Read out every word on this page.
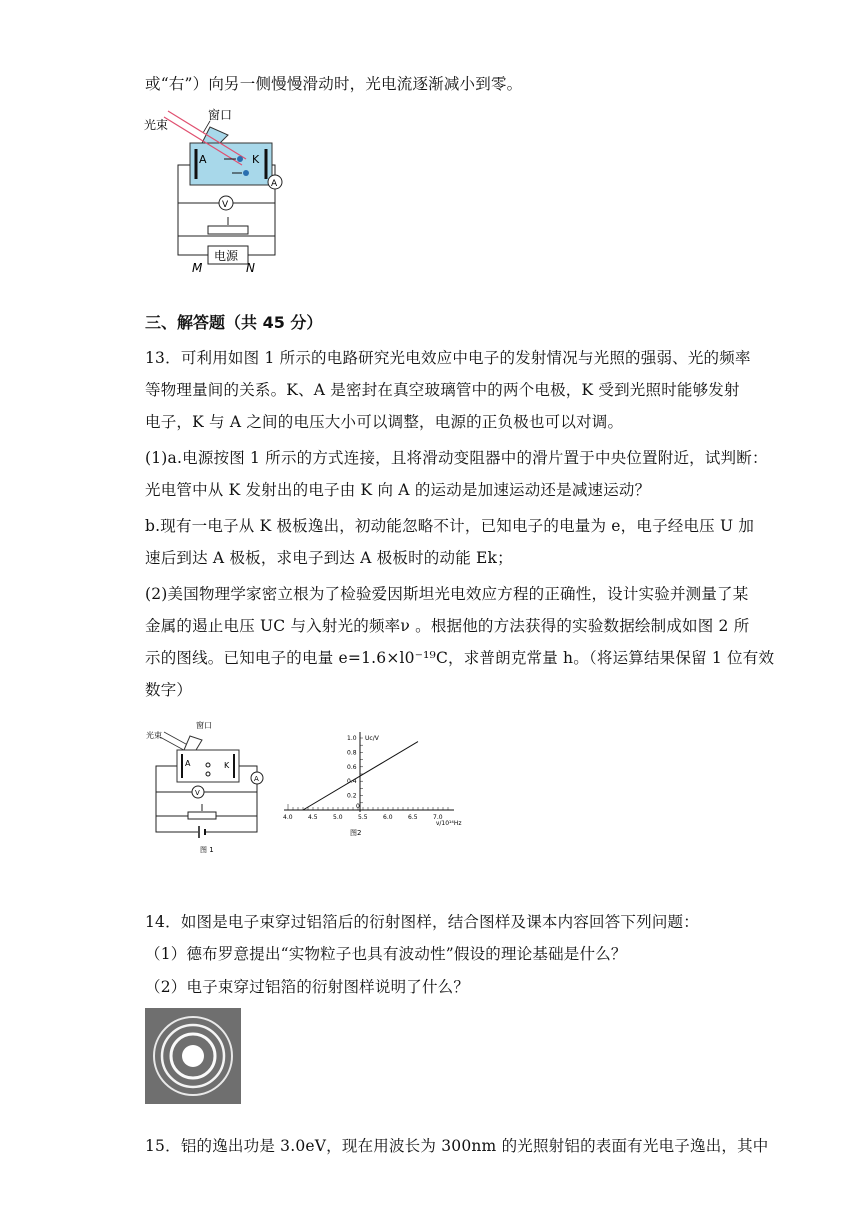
或“右”）向另一侧慢慢滑动时，光电流逐渐减小到零。
光束
窗口
A	K
A
V
电源
M	N
三、解答题（共 45 分）
13．可利用如图 1 所示的电路研究光电效应中电子的发射情况与光照的强弱、光的频率
等物理量间的关系。K、A 是密封在真空玻璃管中的两个电极，K 受到光照时能够发射
电子，K 与 A 之间的电压大小可以调整，电源的正负极也可以对调。
(1)a.电源按图 1 所示的方式连接，且将滑动变阻器中的滑片置于中央位置附近，试判断：
光电管中从 K 发射出的电子由 K 向 A 的运动是加速运动还是减速运动？
b.现有一电子从 K 极板逸出，初动能忽略不计，已知电子的电量为 e，电子经电压 U 加
速后到达 A 极板，求电子到达 A 极板时的动能 Ek；
(2)美国物理学家密立根为了检验爱因斯坦光电效应方程的正确性，设计实验并测量了某
金属的遏止电压 UC 与入射光的频率ν 。根据他的方法获得的实验数据绘制成如图 2 所
示的图线。已知电子的电量 e=1.6×l0⁻¹⁹C，求普朗克常量 h。（将运算结果保留 1 位有效
数字）
光束
窗口
A	K
A
V
图 1
4.0	4.5	5.0	5.5	6.0	6.5	7.0
0.2
0.4
0.6
0.8
1.0 Uc/V
ν/10¹⁴Hz
0
图2
14．如图是电子束穿过铝箔后的衍射图样，结合图样及课本内容回答下列问题：
（1）德布罗意提出“实物粒子也具有波动性”假设的理论基础是什么？
（2）电子束穿过铝箔的衍射图样说明了什么？
15．铝的逸出功是 3.0eV，现在用波长为 300nm 的光照射铝的表面有光电子逸出，其中
